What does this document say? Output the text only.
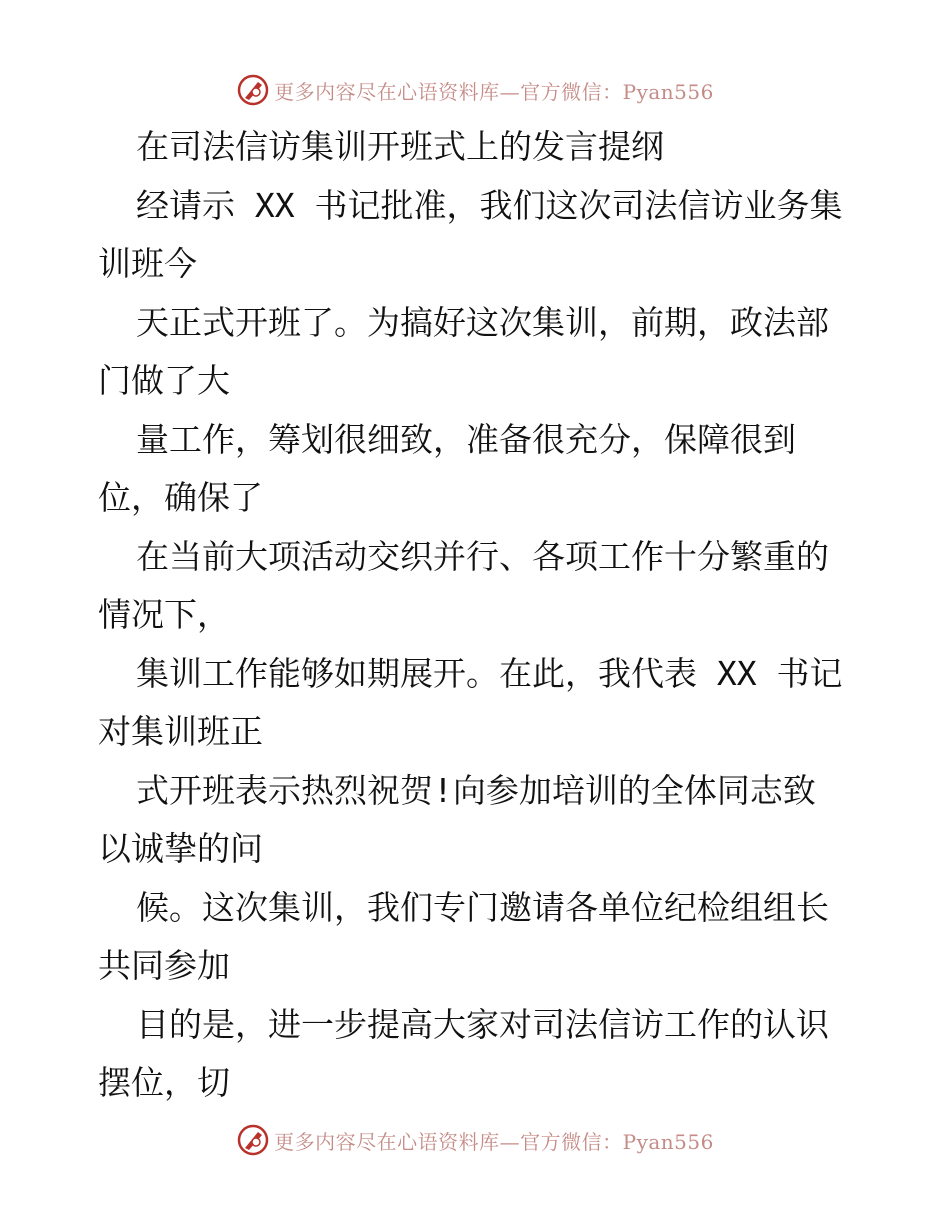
更多内容尽在心语资料库—官方微信：Pyan556
在司法信访集训开班式上的发言提纲
经请示 XX 书记批准，我们这次司法信访业务集
训班今
天正式开班了。为搞好这次集训，前期，政法部
门做了大
量工作，筹划很细致，准备很充分，保障很到
位，确保了
在当前大项活动交织并行、各项工作十分繁重的
情况下，
集训工作能够如期展开。在此，我代表 XX 书记
对集训班正
式开班表示热烈祝贺!向参加培训的全体同志致
以诚挚的问
候。这次集训，我们专门邀请各单位纪检组组长
共同参加
目的是，进一步提高大家对司法信访工作的认识
摆位，切
更多内容尽在心语资料库—官方微信：Pyan556
